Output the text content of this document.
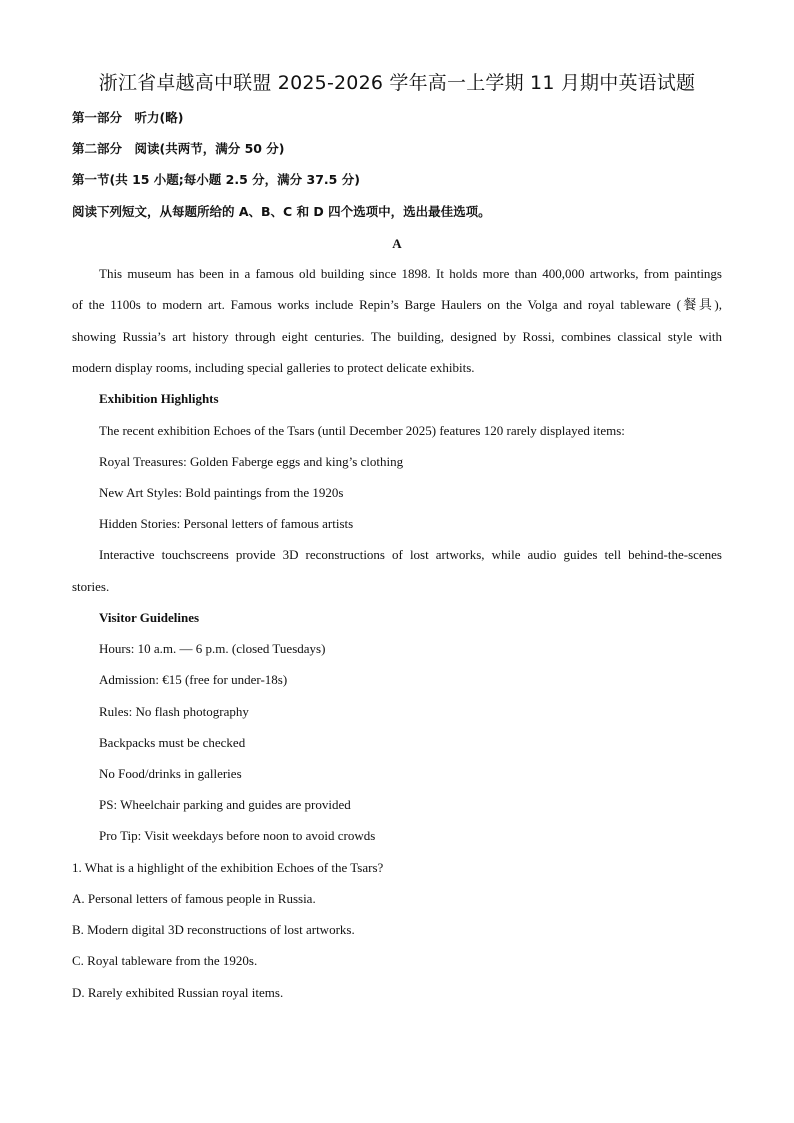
浙江省卓越高中联盟 2025-2026 学年高一上学期 11 月期中英语试题
第一部分　听力(略)
第二部分　阅读(共两节，满分 50 分)
第一节(共 15 小题;每小题 2.5 分，满分 37.5 分)
阅读下列短文，从每题所给的 A、B、C 和 D 四个选项中，选出最佳选项。
A
This museum has been in a famous old building since 1898. It holds more than 400,000 artworks, from paintings
of the 1100s to modern art. Famous works include Repin’s Barge Haulers on the Volga and royal tableware (餐具),
showing Russia’s art history through eight centuries. The building, designed by Rossi, combines classical style with
modern display rooms, including special galleries to protect delicate exhibits.
Exhibition Highlights
The recent exhibition Echoes of the Tsars (until December 2025) features 120 rarely displayed items:
Royal Treasures: Golden Faberge eggs and king’s clothing
New Art Styles: Bold paintings from the 1920s
Hidden Stories: Personal letters of famous artists
Interactive touchscreens provide 3D reconstructions of lost artworks, while audio guides tell behind-the-scenes
stories.
Visitor Guidelines
Hours: 10 a.m. — 6 p.m. (closed Tuesdays)
Admission: €15 (free for under-18s)
Rules: No flash photography
Backpacks must be checked
No Food/drinks in galleries
PS: Wheelchair parking and guides are provided
Pro Tip: Visit weekdays before noon to avoid crowds
1. What is a highlight of the exhibition Echoes of the Tsars?
A. Personal letters of famous people in Russia.
B. Modern digital 3D reconstructions of lost artworks.
C. Royal tableware from the 1920s.
D. Rarely exhibited Russian royal items.
